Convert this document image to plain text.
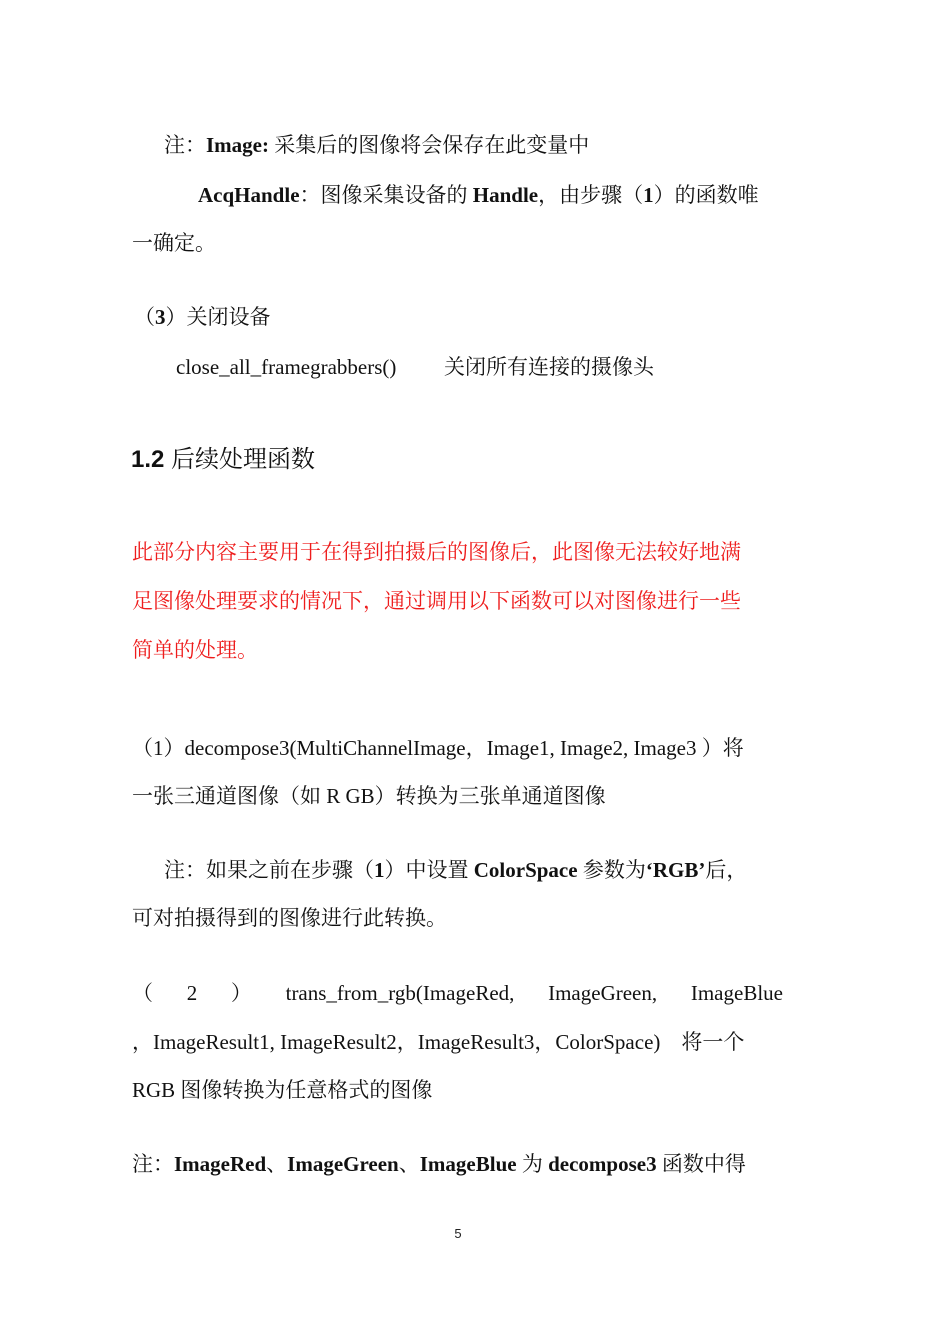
注：Image: 采集后的图像将会保存在此变量中
AcqHandle：图像采集设备的 Handle，由步骤（1）的函数唯
一确定。
（3）关闭设备
close_all_framegrabbers() 关闭所有连接的摄像头
1.2 后续处理函数
此部分内容主要用于在得到拍摄后的图像后，此图像无法较好地满
足图像处理要求的情况下，通过调用以下函数可以对图像进行一些
简单的处理。
（1）decompose3(MultiChannelImage，Image1, Image2, Image3 ）将
一张三通道图像（如 R GB）转换为三张单通道图像
注：如果之前在步骤（1）中设置 ColorSpace 参数为‘RGB’后，
可对拍摄得到的图像进行此转换。
（ 2 ） trans_from_rgb(ImageRed, ImageGreen, ImageBlue
，ImageResult1, ImageResult2，ImageResult3，ColorSpace)　将一个
RGB 图像转换为任意格式的图像
注：ImageRed、ImageGreen、ImageBlue 为 decompose3 函数中得
5
